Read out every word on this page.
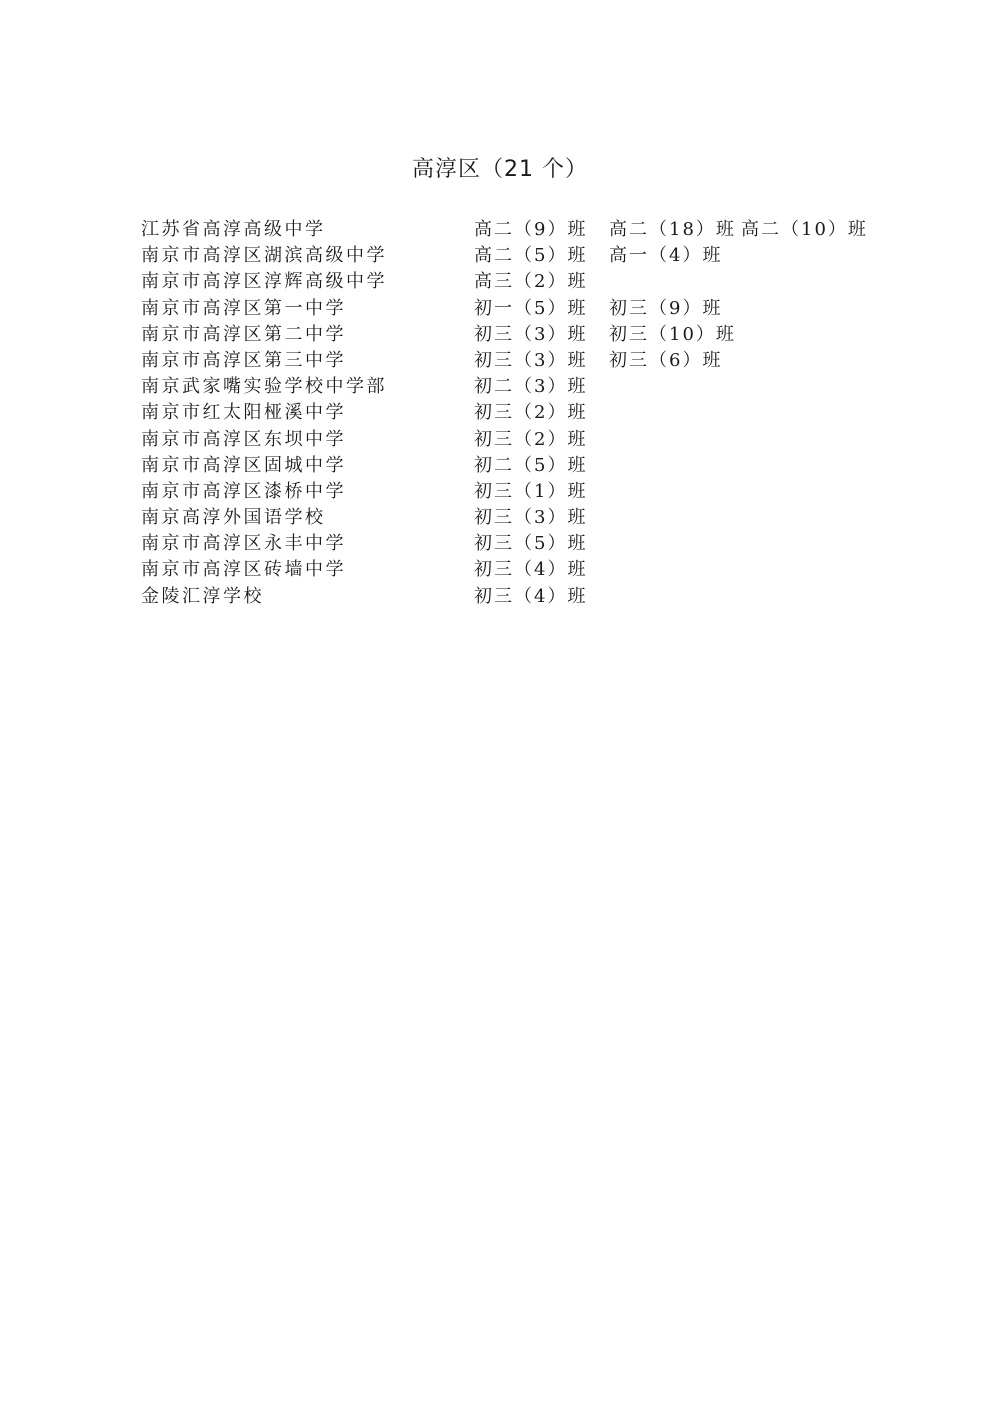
高淳区（21 个）
江苏省高淳高级中学	高二（9）班 高二（18）班 高二（10）班
南京市高淳区湖滨高级中学	高二（5）班 高一（4）班
南京市高淳区淳辉高级中学	高三（2）班
南京市高淳区第一中学	初一（5）班 初三（9）班
南京市高淳区第二中学	初三（3）班 初三（10）班
南京市高淳区第三中学	初三（3）班 初三（6）班
南京武家嘴实验学校中学部	初二（3）班
南京市红太阳桠溪中学	初三（2）班
南京市高淳区东坝中学	初三（2）班
南京市高淳区固城中学	初二（5）班
南京市高淳区漆桥中学	初三（1）班
南京高淳外国语学校	初三（3）班
南京市高淳区永丰中学	初三（5）班
南京市高淳区砖墙中学	初三（4）班
金陵汇淳学校	初三（4）班
